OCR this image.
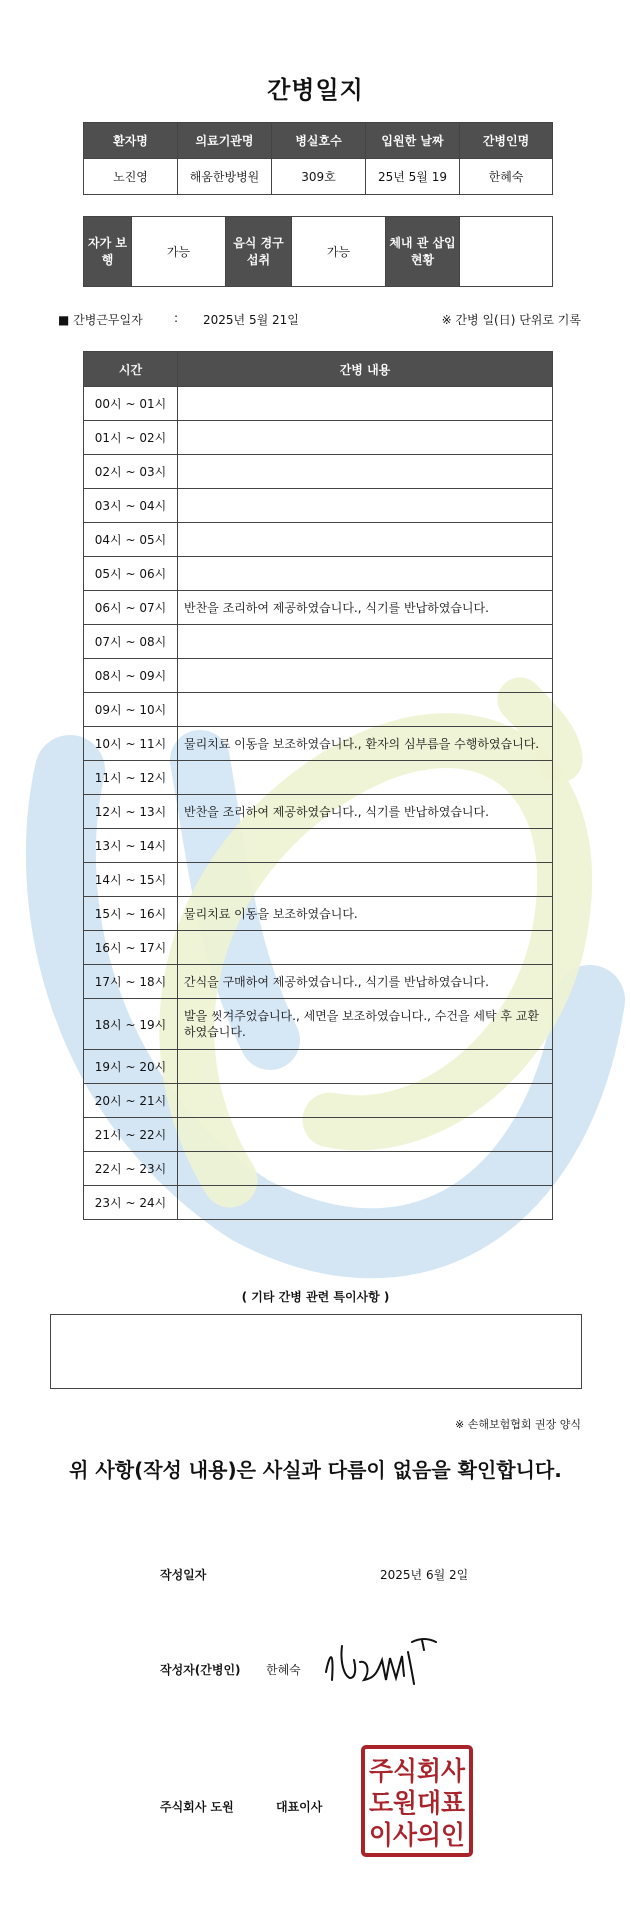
간병일지
환자명	의료기관명	병실호수	입원한 날짜	간병인명
노진영	해움한방병원	309호	25년 5월 19	한혜숙
자가 보행	가능	음식 경구 섭취	가능	체내 관 삽입 현황	
■ 간병근무일자	: 2025년 5월 21일	※ 간병 일(日) 단위로 기록
시간	간병 내용
00시 ~ 01시	
01시 ~ 02시	
02시 ~ 03시	
03시 ~ 04시	
04시 ~ 05시	
05시 ~ 06시	
06시 ~ 07시	반찬을 조리하여 제공하였습니다., 식기를 반납하였습니다.
07시 ~ 08시	
08시 ~ 09시	
09시 ~ 10시	
10시 ~ 11시	물리치료 이동을 보조하였습니다., 환자의 심부름을 수행하였습니다.
11시 ~ 12시	
12시 ~ 13시	반찬을 조리하여 제공하였습니다., 식기를 반납하였습니다.
13시 ~ 14시	
14시 ~ 15시	
15시 ~ 16시	물리치료 이동을 보조하였습니다.
16시 ~ 17시	
17시 ~ 18시	간식을 구매하여 제공하였습니다., 식기를 반납하였습니다.
18시 ~ 19시	발을 씻겨주었습니다., 세면을 보조하였습니다., 수건을 세탁 후 교환하였습니다.
19시 ~ 20시	
20시 ~ 21시	
21시 ~ 22시	
22시 ~ 23시	
23시 ~ 24시	
( 기타 간병 관련 특이사항 )
※ 손해보험협회 권장 양식
위 사항(작성 내용)은 사실과 다름이 없음을 확인합니다.
작성일자	2025년 6월 2일
작성자(간병인) 한혜숙
주식회사 도원	대표이사
주식회사
도원대표
이사의인
